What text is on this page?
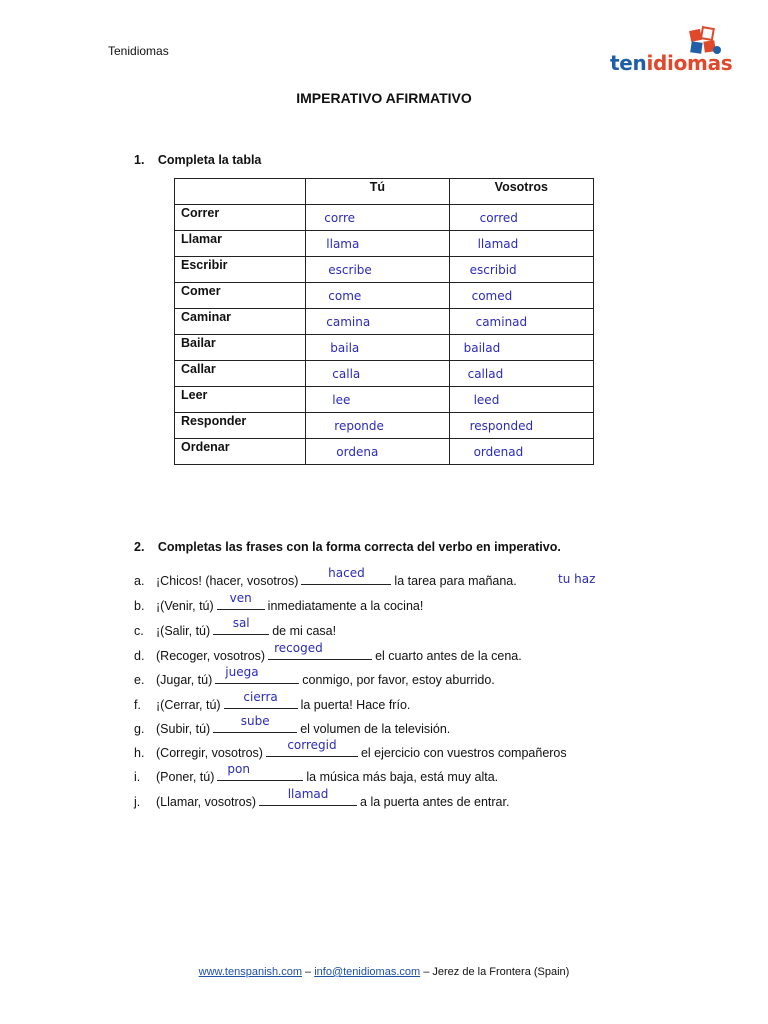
Tenidiomas	tenidiomas
IMPERATIVO AFIRMATIVO
1. Completa la tabla
	Tú	Vosotros
Correr	corre	corred

Llamar	llama	llamad

Escribir	escribe	escribid

Comer	come	comed

Caminar	camina	caminad

Bailar	baila	bailad

Callar	calla	callad

Leer	lee	leed

Responder	reponde	responded

Ordenar	ordena	ordenad
2. Completas las frases con la forma correcta del verbo en imperativo.
tu haz
a. ¡Chicos! (hacer, vosotros)
haced
la tarea para mañana.
b. ¡(Venir, tú)
ven
inmediatamente a la cocina!
c. ¡(Salir, tú)
sal
de mi casa!
d. (Recoger, vosotros)
recoged
el cuarto antes de la cena.
e. (Jugar, tú)
juega
conmigo, por favor, estoy aburrido.
f. ¡(Cerrar, tú)
cierra
la puerta! Hace frío.
g. (Subir, tú)
sube
el volumen de la televisión.
h. (Corregir, vosotros)
corregid
el ejercicio con vuestros compañeros
i. (Poner, tú)
pon
la música más baja, está muy alta.
j. (Llamar, vosotros)
llamad
a la puerta antes de entrar.
www.tenspanish.com – info@tenidiomas.com – Jerez de la Frontera (Spain)
